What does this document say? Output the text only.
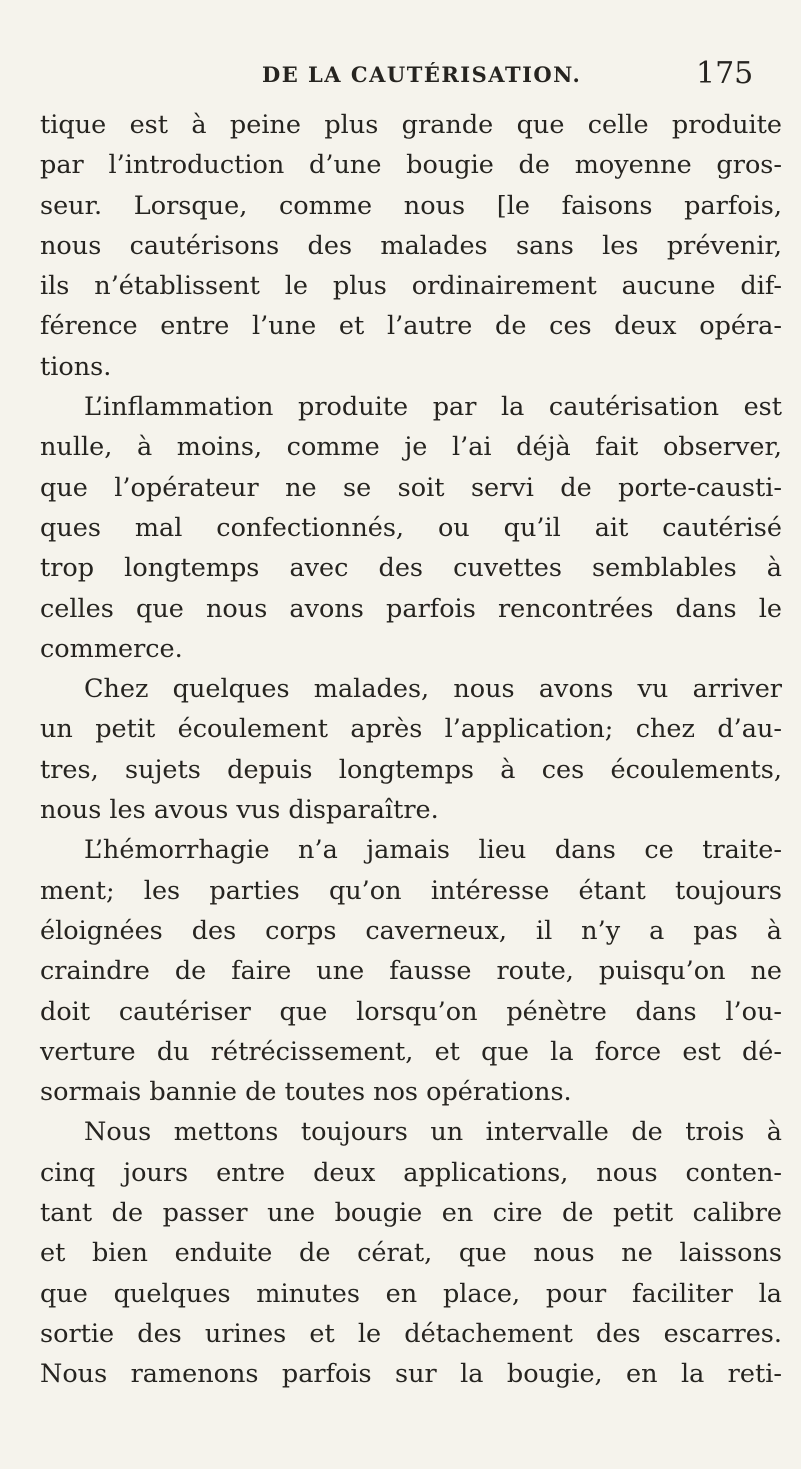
DE LA CAUTÉRISATION.	175
tique est à peine plus grande que celle produite
par l’introduction d’une bougie de moyenne gros-
seur. Lorsque, comme nous [le faisons parfois,
nous cautérisons des malades sans les prévenir,
ils n’établissent le plus ordinairement aucune dif-
férence entre l’une et l’autre de ces deux opéra-
tions.
L’inflammation produite par la cautérisation est
nulle, à moins, comme je l’ai déjà fait observer,
que l’opérateur ne se soit servi de porte-causti-
ques mal confectionnés, ou qu’il ait cautérisé
trop longtemps avec des cuvettes semblables à
celles que nous avons parfois rencontrées dans le
commerce.
Chez quelques malades, nous avons vu arriver
un petit écoulement après l’application; chez d’au-
tres, sujets depuis longtemps à ces écoulements,
nous les avous vus disparaître.
L’hémorrhagie n’a jamais lieu dans ce traite-
ment; les parties qu’on intéresse étant toujours
éloignées des corps caverneux, il n’y a pas à
craindre de faire une fausse route, puisqu’on ne
doit cautériser que lorsqu’on pénètre dans l’ou-
verture du rétrécissement, et que la force est dé-
sormais bannie de toutes nos opérations.
Nous mettons toujours un intervalle de trois à
cinq jours entre deux applications, nous conten-
tant de passer une bougie en cire de petit calibre
et bien enduite de cérat, que nous ne laissons
que quelques minutes en place, pour faciliter la
sortie des urines et le détachement des escarres.
Nous ramenons parfois sur la bougie, en la reti-
